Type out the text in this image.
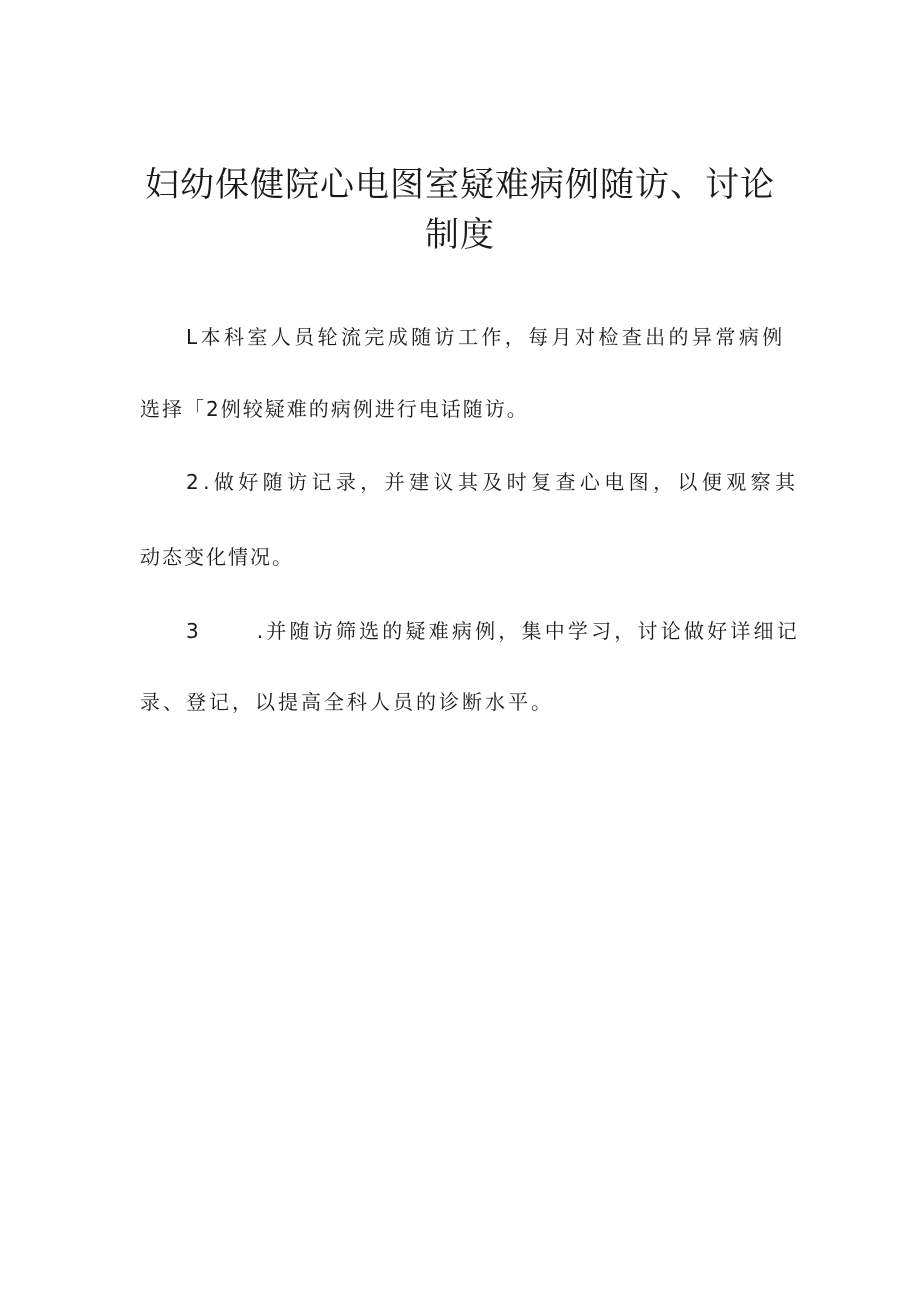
妇幼保健院心电图室疑难病例随访、讨论
制度

L本科室人员轮流完成随访工作，每月对检查出的异常病例

选择「2例较疑难的病例进行电话随访。

2.做好随访记录，并建议其及时复查心电图，以便观察其

动态变化情况。

3	.并随访筛选的疑难病例，集中学习，讨论做好详细记

录、登记，以提高全科人员的诊断水平。
